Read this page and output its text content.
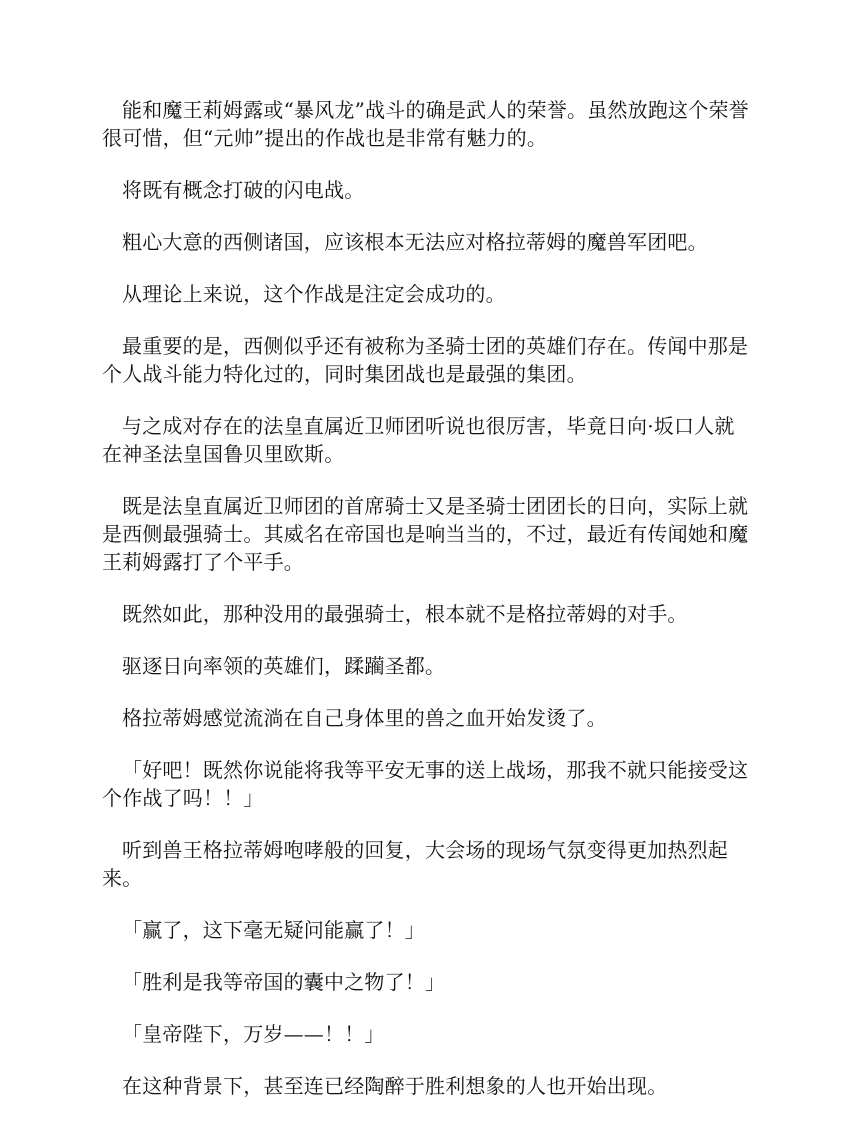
能和魔王莉姆露或“暴风龙”战斗的确是武人的荣誉。虽然放跑这个荣誉很可惜，但“元帅”提出的作战也是非常有魅力的。

将既有概念打破的闪电战。

粗心大意的西侧诸国，应该根本无法应对格拉蒂姆的魔兽军团吧。

从理论上来说，这个作战是注定会成功的。

最重要的是，西侧似乎还有被称为圣骑士团的英雄们存在。传闻中那是个人战斗能力特化过的，同时集团战也是最强的集团。

与之成对存在的法皇直属近卫师团听说也很厉害，毕竟日向·坂口人就在神圣法皇国鲁贝里欧斯。

既是法皇直属近卫师团的首席骑士又是圣骑士团团长的日向，实际上就是西侧最强骑士。其威名在帝国也是响当当的，不过，最近有传闻她和魔王莉姆露打了个平手。

既然如此，那种没用的最强骑士，根本就不是格拉蒂姆的对手。

驱逐日向率领的英雄们，蹂躏圣都。

格拉蒂姆感觉流淌在自己身体里的兽之血开始发烫了。

「好吧！既然你说能将我等平安无事的送上战场，那我不就只能接受这个作战了吗！！」

听到兽王格拉蒂姆咆哮般的回复，大会场的现场气氛变得更加热烈起来。

「赢了，这下毫无疑问能赢了！」

「胜利是我等帝国的囊中之物了！」

「皇帝陛下，万岁——！！」

在这种背景下，甚至连已经陶醉于胜利想象的人也开始出现。
